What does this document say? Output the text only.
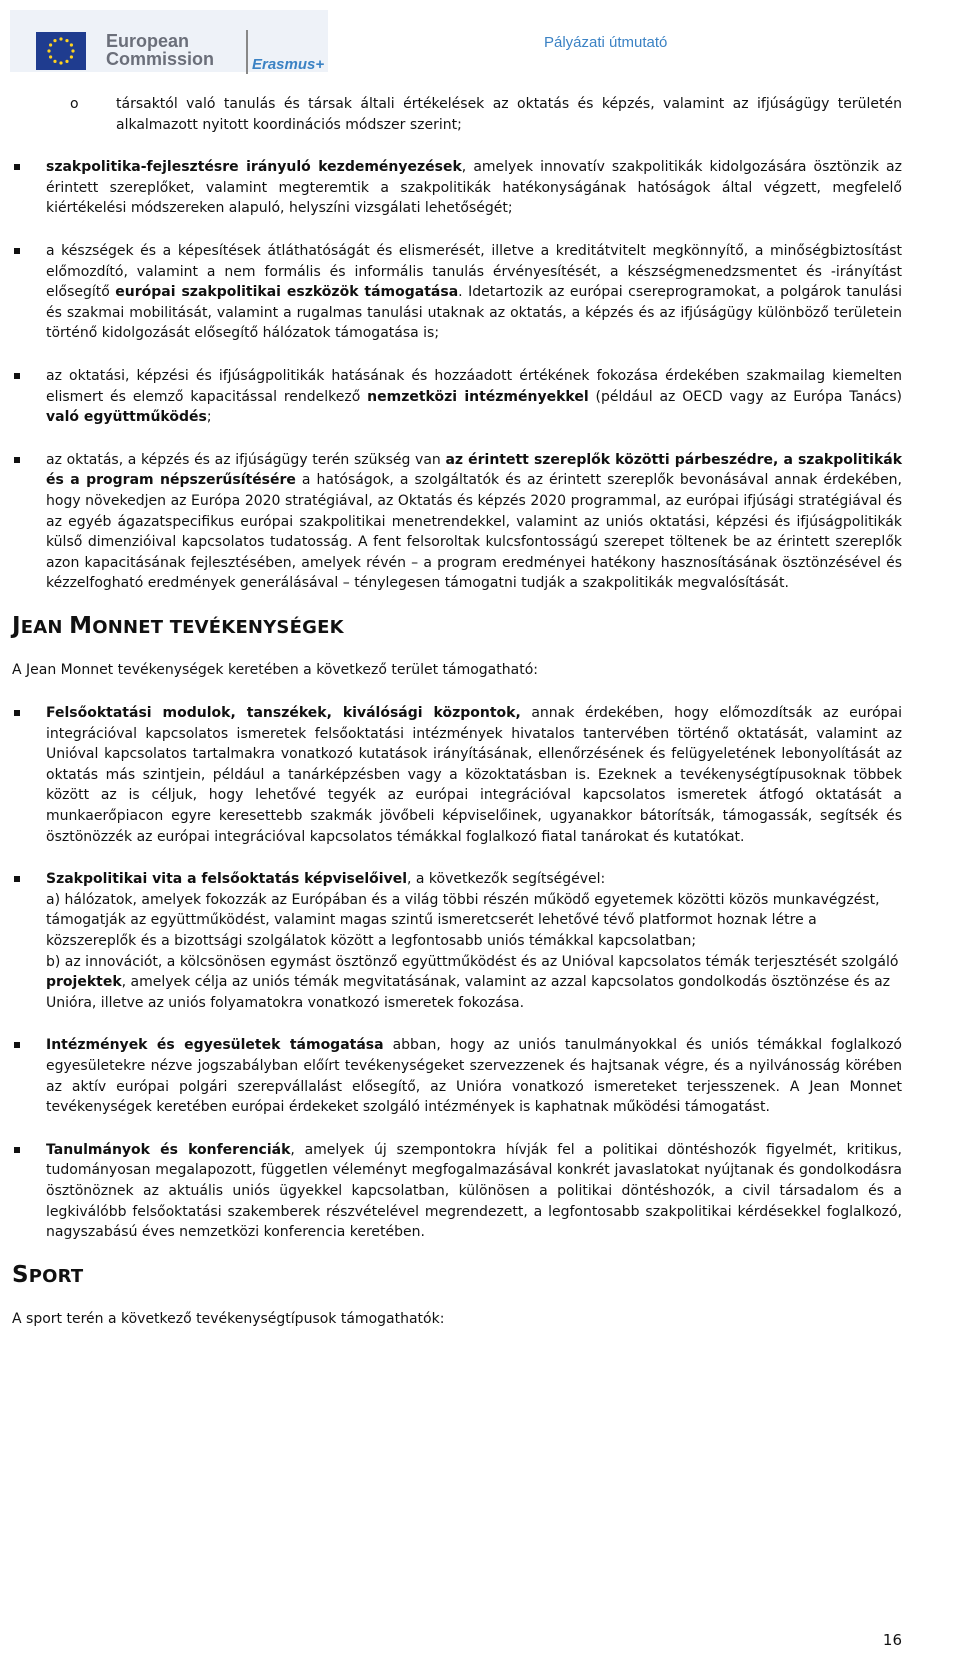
European
Commission	Erasmus+
Pályázati útmutató
o	társaktól való tanulás és társak általi értékelések az oktatás és képzés, valamint az ifjúságügy területén alkalmazott nyitott koordinációs módszer szerint;
szakpolitika-fejlesztésre irányuló kezdeményezések, amelyek innovatív szakpolitikák kidolgozására ösztönzik az érintett szereplőket, valamint megteremtik a szakpolitikák hatékonyságának hatóságok által végzett, megfelelő kiértékelési módszereken alapuló, helyszíni vizsgálati lehetőségét;
a készségek és a képesítések átláthatóságát és elismerését, illetve a kreditátvitelt megkönnyítő, a minőségbiztosítást előmozdító, valamint a nem formális és informális tanulás érvényesítését, a készségmenedzsmentet és -irányítást elősegítő európai szakpolitikai eszközök támogatása. Idetartozik az európai csereprogramokat, a polgárok tanulási és szakmai mobilitását, valamint a rugalmas tanulási utaknak az oktatás, a képzés és az ifjúságügy különböző területein történő kidolgozását elősegítő hálózatok támogatása is;
az oktatási, képzési és ifjúságpolitikák hatásának és hozzáadott értékének fokozása érdekében szakmailag kiemelten elismert és elemző kapacitással rendelkező nemzetközi intézményekkel (például az OECD vagy az Európa Tanács) való együttműködés;
az oktatás, a képzés és az ifjúságügy terén szükség van az érintett szereplők közötti párbeszédre, a szakpolitikák és a program népszerűsítésére a hatóságok, a szolgáltatók és az érintett szereplők bevonásával annak érdekében, hogy növekedjen az Európa 2020 stratégiával, az Oktatás és képzés 2020 programmal, az európai ifjúsági stratégiával és az egyéb ágazatspecifikus európai szakpolitikai menetrendekkel, valamint az uniós oktatási, képzési és ifjúságpolitikák külső dimenzióival kapcsolatos tudatosság. A fent felsoroltak kulcsfontosságú szerepet töltenek be az érintett szereplők azon kapacitásának fejlesztésében, amelyek révén – a program eredményei hatékony hasznosításának ösztönzésével és kézzelfogható eredmények generálásával – ténylegesen támogatni tudják a szakpolitikák megvalósítását.
JEAN MONNET TEVÉKENYSÉGEK
A Jean Monnet tevékenységek keretében a következő terület támogatható:
Felsőoktatási modulok, tanszékek, kiválósági központok, annak érdekében, hogy előmozdítsák az európai integrációval kapcsolatos ismeretek felsőoktatási intézmények hivatalos tantervében történő oktatását, valamint az Unióval kapcsolatos tartalmakra vonatkozó kutatások irányításának, ellenőrzésének és felügyeletének lebonyolítását az oktatás más szintjein, például a tanárképzésben vagy a közoktatásban is. Ezeknek a tevékenységtípusoknak többek között az is céljuk, hogy lehetővé tegyék az európai integrációval kapcsolatos ismeretek átfogó oktatását a munkaerőpiacon egyre keresettebb szakmák jövőbeli képviselőinek, ugyanakkor bátorítsák, támogassák, segítsék és ösztönözzék az európai integrációval kapcsolatos témákkal foglalkozó fiatal tanárokat és kutatókat.
Szakpolitikai vita a felsőoktatás képviselőivel, a következők segítségével:
a) hálózatok, amelyek fokozzák az Európában és a világ többi részén működő egyetemek közötti közös munkavégzést, támogatják az együttműködést, valamint magas szintű ismeretcserét lehetővé tévő platformot hoznak létre a közszereplők és a bizottsági szolgálatok között a legfontosabb uniós témákkal kapcsolatban;
b) az innovációt, a kölcsönösen egymást ösztönző együttműködést és az Unióval kapcsolatos témák terjesztését szolgáló projektek, amelyek célja az uniós témák megvitatásának, valamint az azzal kapcsolatos gondolkodás ösztönzése és az Unióra, illetve az uniós folyamatokra vonatkozó ismeretek fokozása.
Intézmények és egyesületek támogatása abban, hogy az uniós tanulmányokkal és uniós témákkal foglalkozó egyesületekre nézve jogszabályban előírt tevékenységeket szervezzenek és hajtsanak végre, és a nyilvánosság körében az aktív európai polgári szerepvállalást elősegítő, az Unióra vonatkozó ismereteket terjesszenek. A Jean Monnet tevékenységek keretében európai érdekeket szolgáló intézmények is kaphatnak működési támogatást.
Tanulmányok és konferenciák, amelyek új szempontokra hívják fel a politikai döntéshozók figyelmét, kritikus, tudományosan megalapozott, független véleményt megfogalmazásával konkrét javaslatokat nyújtanak és gondolkodásra ösztönöznek az aktuális uniós ügyekkel kapcsolatban, különösen a politikai döntéshozók, a civil társadalom és a legkiválóbb felsőoktatási szakemberek részvételével megrendezett, a legfontosabb szakpolitikai kérdésekkel foglalkozó, nagyszabású éves nemzetközi konferencia keretében.
SPORT
A sport terén a következő tevékenységtípusok támogathatók:
16
